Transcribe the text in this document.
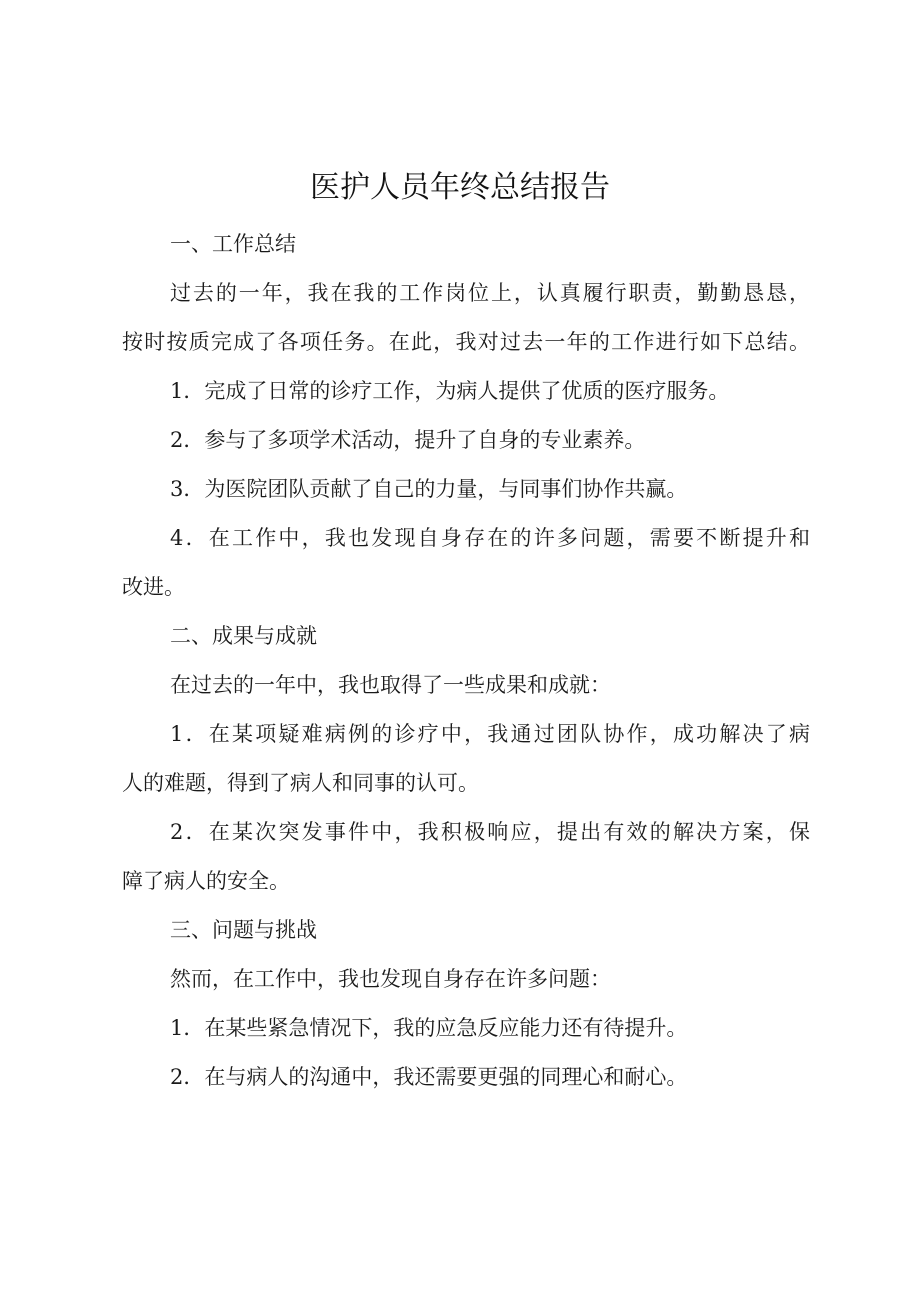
医护人员年终总结报告
一、工作总结
过去的一年，我在我的工作岗位上，认真履行职责，勤勤恳恳，
按时按质完成了各项任务。在此，我对过去一年的工作进行如下总结。
1．完成了日常的诊疗工作，为病人提供了优质的医疗服务。
2．参与了多项学术活动，提升了自身的专业素养。
3．为医院团队贡献了自己的力量，与同事们协作共赢。
4．在工作中，我也发现自身存在的许多问题，需要不断提升和
改进。
二、成果与成就
在过去的一年中，我也取得了一些成果和成就：
1．在某项疑难病例的诊疗中，我通过团队协作，成功解决了病
人的难题，得到了病人和同事的认可。
2．在某次突发事件中，我积极响应，提出有效的解决方案，保
障了病人的安全。
三、问题与挑战
然而，在工作中，我也发现自身存在许多问题：
1．在某些紧急情况下，我的应急反应能力还有待提升。
2．在与病人的沟通中，我还需要更强的同理心和耐心。
